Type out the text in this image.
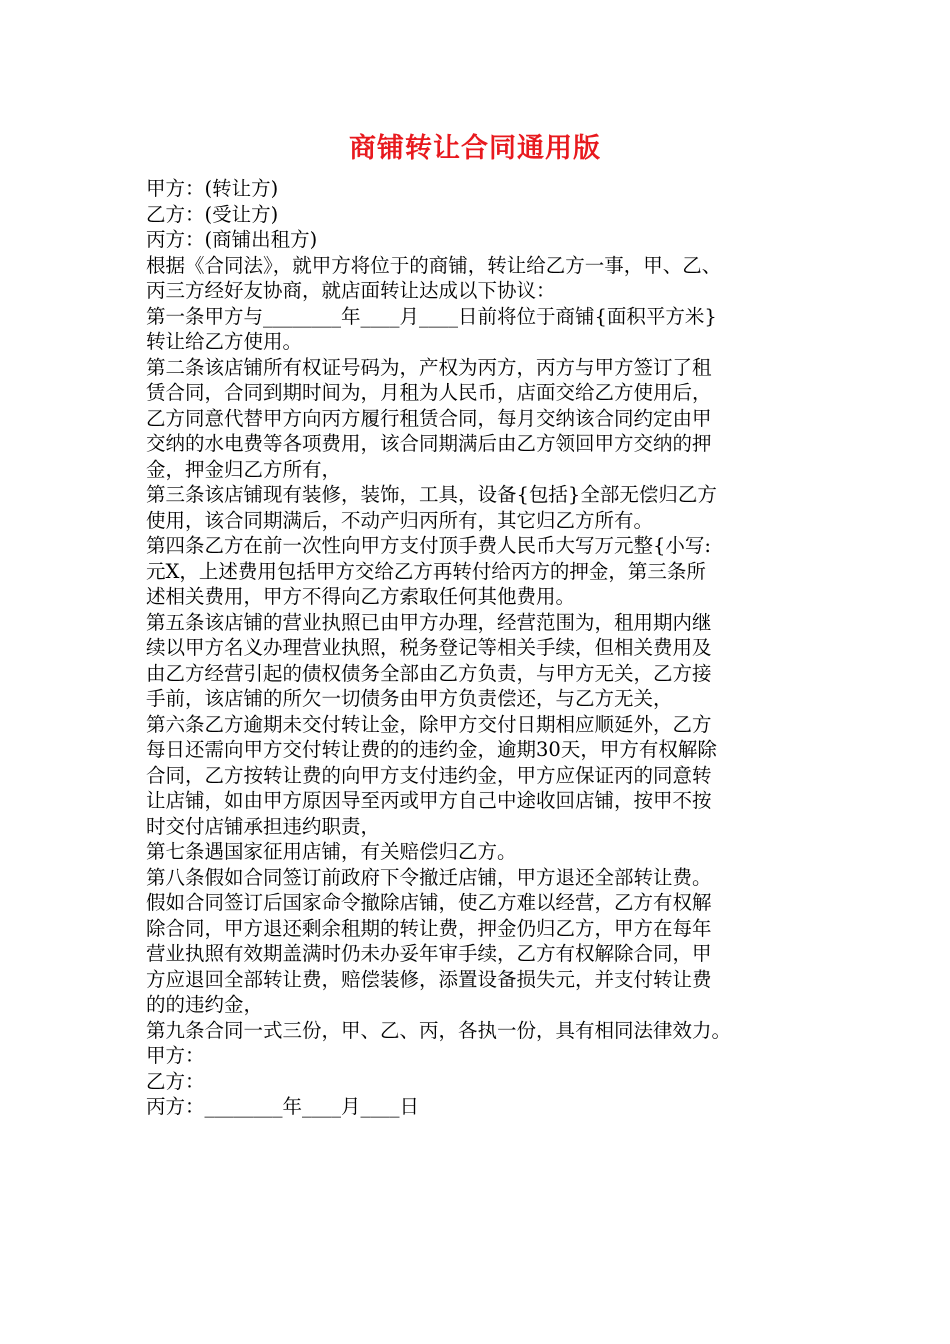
商铺转让合同通用版
甲方：(转让方)
乙方：(受让方)
丙方：(商铺出租方)
根据《合同法》，就甲方将位于的商铺，转让给乙方一事，甲、乙、
丙三方经好友协商，就店面转让达成以下协议：
第一条甲方与________年____月____日前将位于商铺{面积平方米}
转让给乙方使用。
第二条该店铺所有权证号码为，产权为丙方，丙方与甲方签订了租
赁合同，合同到期时间为，月租为人民币，店面交给乙方使用后，
乙方同意代替甲方向丙方履行租赁合同，每月交纳该合同约定由甲
交纳的水电费等各项费用，该合同期满后由乙方领回甲方交纳的押
金，押金归乙方所有，
第三条该店铺现有装修，装饰，工具，设备{包括}全部无偿归乙方
使用，该合同期满后，不动产归丙所有，其它归乙方所有。
第四条乙方在前一次性向甲方支付顶手费人民币大写万元整{小写:
元X，上述费用包括甲方交给乙方再转付给丙方的押金，第三条所
述相关费用，甲方不得向乙方索取任何其他费用。
第五条该店铺的营业执照已由甲方办理，经营范围为，租用期内继
续以甲方名义办理营业执照，税务登记等相关手续，但相关费用及
由乙方经营引起的债权债务全部由乙方负责，与甲方无关，乙方接
手前，该店铺的所欠一切债务由甲方负责偿还，与乙方无关，
第六条乙方逾期未交付转让金，除甲方交付日期相应顺延外，乙方
每日还需向甲方交付转让费的的违约金，逾期30天，甲方有权解除
合同，乙方按转让费的向甲方支付违约金，甲方应保证丙的同意转
让店铺，如由甲方原因导至丙或甲方自己中途收回店铺，按甲不按
时交付店铺承担违约职责，
第七条遇国家征用店铺，有关赔偿归乙方。
第八条假如合同签订前政府下令撤迁店铺，甲方退还全部转让费。
假如合同签订后国家命令撤除店铺，使乙方难以经营，乙方有权解
除合同，甲方退还剩余租期的转让费，押金仍归乙方，甲方在每年
营业执照有效期盖满时仍未办妥年审手续，乙方有权解除合同，甲
方应退回全部转让费，赔偿装修，添置设备损失元，并支付转让费
的的违约金，
第九条合同一式三份，甲、乙、丙，各执一份，具有相同法律效力。
甲方：
乙方：
丙方：________年____月____日
